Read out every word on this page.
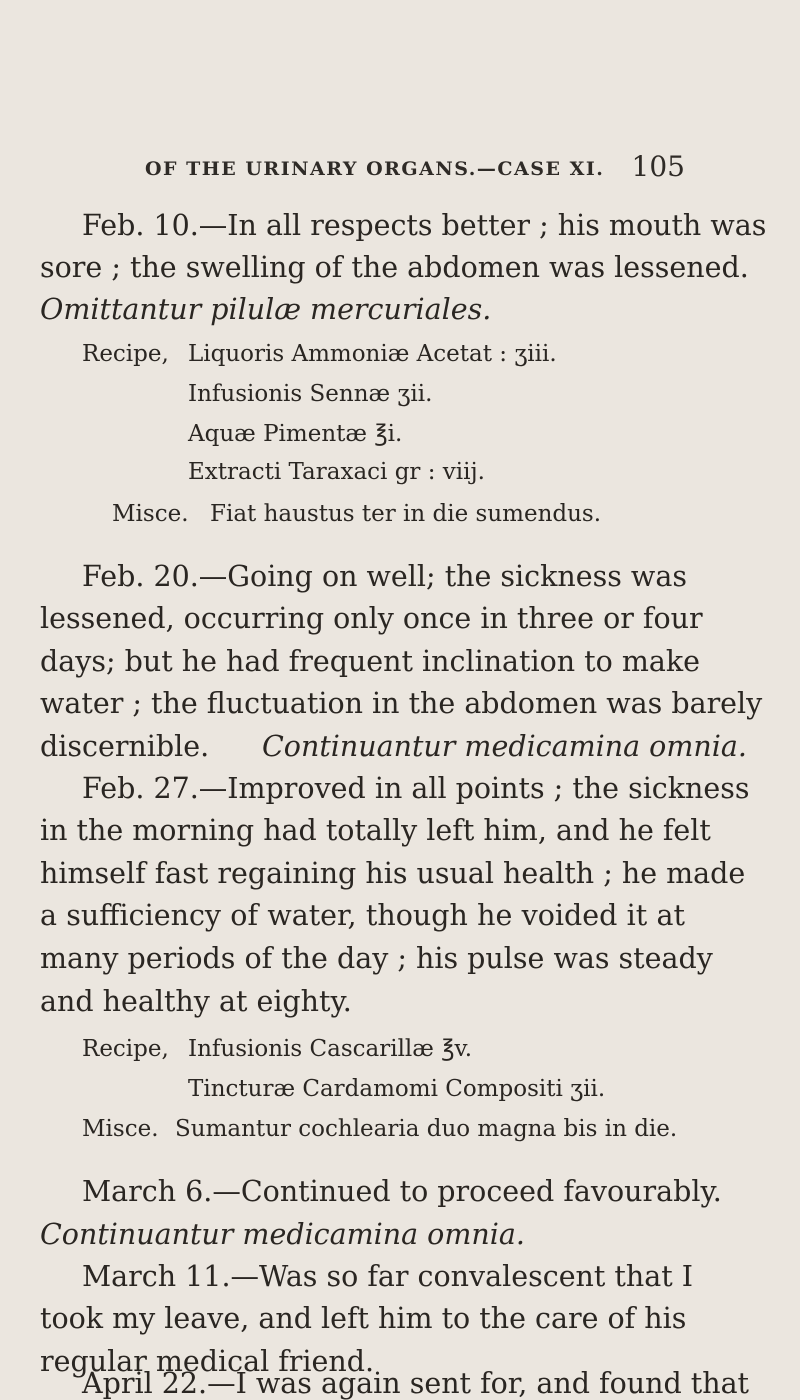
OF THE URINARY ORGANS.—CASE XI. 105
Feb. 10.—In all respects better ; his mouth was
sore ; the swelling of the abdomen was lessened.
Omittantur pilulæ mercuriales.
Recipe, Liquoris Ammoniæ Acetat : ʒiii.
Infusionis Sennæ ʒii.
Aquæ Pimentæ ℥i.
Extracti Taraxaci gr : viij.
Misce. Fiat haustus ter in die sumendus.
Feb. 20.—Going on well; the sickness was
lessened, occurring only once in three or four
days; but he had frequent inclination to make
water ; the fluctuation in the abdomen was barely
discernible. Continuantur medicamina omnia.
Feb. 27.—Improved in all points ; the sickness
in the morning had totally left him, and he felt
himself fast regaining his usual health ; he made
a sufficiency of water, though he voided it at
many periods of the day ; his pulse was steady
and healthy at eighty.
Recipe, Infusionis Cascarillæ ℥v.
Tincturæ Cardamomi Compositi ʒii.
Misce. Sumantur cochlearia duo magna bis in die.
March 6.—Continued to proceed favourably.
Continuantur medicamina omnia.
March 11.—Was so far convalescent that I
took my leave, and left him to the care of his
regular medical friend.
April 22.—I was again sent for, and found that
